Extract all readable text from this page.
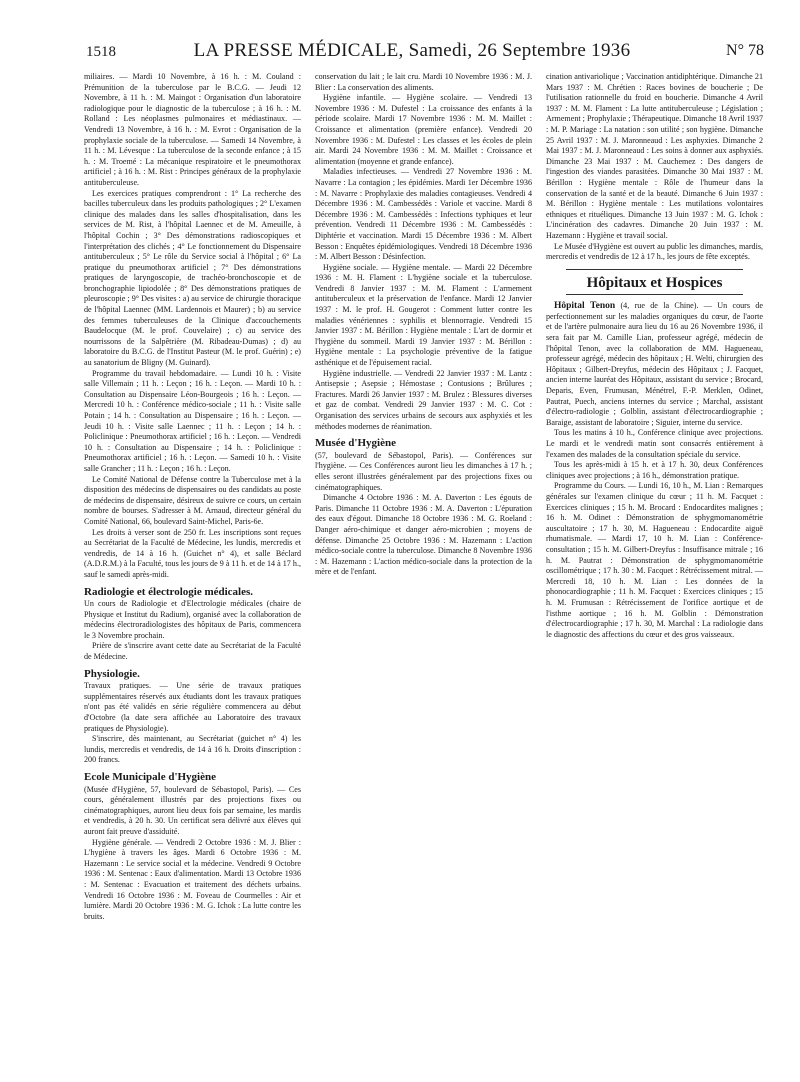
1518	LA PRESSE MÉDICALE, Samedi, 26 Septembre 1936	N° 78

miliaires. — Mardi 10 Novembre, à 16 h. : M. Couland : Prémunition de la tuberculose par le B.C.G. — Jeudi 12 Novembre, à 11 h. : M. Maingot : Organisation d'un laboratoire radiologique pour le diagnostic de la tuberculose ; à 16 h. : M. Rolland : Les néoplasmes pulmonaires et médiastinaux. — Vendredi 13 Novembre, à 16 h. : M. Evrot : Organisation de la prophylaxie sociale de la tuberculose. — Samedi 14 Novembre, à 11 h. : M. Lévesque : La tuberculose de la seconde enfance ; à 15 h. : M. Troemé : La mécanique respiratoire et le pneumothorax artificiel ; à 16 h. : M. Rist : Principes généraux de la prophylaxie antituberculeuse.

Les exercices pratiques comprendront : 1° La recherche des bacilles tuberculeux dans les produits pathologiques ; 2° L'examen clinique des malades dans les salles d'hospitalisation, dans les services de M. Rist, à l'hôpital Laennec et de M. Ameuille, à l'hôpital Cochin ; 3° Des démonstrations radioscopiques et l'interprétation des clichés ; 4° Le fonctionnement du Dispensaire antituberculeux ; 5° Le rôle du Service social à l'hôpital ; 6° La pratique du pneumothorax artificiel ; 7° Des démonstrations pratiques de laryngoscopie, de trachéo-bronchoscopie et de bronchographie lipiodolée ; 8° Des démonstrations pratiques de pleuroscopie ; 9° Des visites : a) au service de chirurgie thoracique de l'hôpital Laennec (MM. Lardennois et Maurer) ; b) au service des femmes tuberculeuses de la Clinique d'accouchements Baudelocque (M. le prof. Couvelaire) ; c) au service des nourrissons de la Salpêtrière (M. Ribadeau-Dumas) ; d) au laboratoire du B.C.G. de l'Institut Pasteur (M. le prof. Guérin) ; e) au sanatorium de Bligny (M. Guinard).

Programme du travail hebdomadaire. — Lundi 10 h. : Visite salle Villemain ; 11 h. : Leçon ; 16 h. : Leçon. — Mardi 10 h. : Consultation au Dispensaire Léon-Bourgeois ; 16 h. : Leçon. — Mercredi 10 h. : Conférence médico-sociale ; 11 h. : Visite salle Potain ; 14 h. : Consultation au Dispensaire ; 16 h. : Leçon. — Jeudi 10 h. : Visite salle Laennec ; 11 h. : Leçon ; 14 h. : Policlinique : Pneumothorax artificiel ; 16 h. : Leçon. — Vendredi 10 h. : Consultation au Dispensaire ; 14 h. : Policlinique : Pneumothorax artificiel ; 16 h. : Leçon. — Samedi 10 h. : Visite salle Grancher ; 11 h. : Leçon ; 16 h. : Leçon.

Le Comité National de Défense contre la Tuberculose met à la disposition des médecins de dispensaires ou des candidats au poste de médecins de dispensaire, désireux de suivre ce cours, un certain nombre de bourses. S'adresser à M. Arnaud, directeur général du Comité National, 66, boulevard Saint-Michel, Paris-6e.

Les droits à verser sont de 250 fr. Les inscriptions sont reçues au Secrétariat de la Faculté de Médecine, les lundis, mercredis et vendredis, de 14 à 16 h. (Guichet n° 4), et salle Béclard (A.D.R.M.) à la Faculté, tous les jours de 9 à 11 h. et de 14 à 17 h., sauf le samedi après-midi.

Radiologie et électrologie médicales.

Un cours de Radiologie et d'Electrologie médicales (chaire de Physique et Institut du Radium), organisé avec la collaboration de médecins électroradiologistes des hôpitaux de Paris, commencera le 3 Novembre prochain.

Prière de s'inscrire avant cette date au Secrétariat de la Faculté de Médecine.

Physiologie.

Travaux pratiques. — Une série de travaux pratiques supplémentaires réservés aux étudiants dont les travaux pratiques n'ont pas été validés en série régulière commencera au début d'Octobre (la date sera affichée au Laboratoire des travaux pratiques de Physiologie).

S'inscrire, dès maintenant, au Secrétariat (guichet n° 4) les lundis, mercredis et vendredis, de 14 à 16 h. Droits d'inscription : 200 francs.

Ecole Municipale d'Hygiène

(Musée d'Hygiène, 57, boulevard de Sébastopol, Paris). — Ces cours, généralement illustrés par des projections fixes ou cinématographiques, auront lieu deux fois par semaine, les mardis et vendredis, à 20 h. 30. Un certificat sera délivré aux élèves qui auront fait preuve d'assiduité.

Hygiène générale. — Vendredi 2 Octobre 1936 : M. J. Blier : L'hygiène à travers les âges. Mardi 6 Octobre 1936 : M. Hazemann : Le service social et la médecine. Vendredi 9 Octobre 1936 : M. Sentenac : Eaux d'alimentation. Mardi 13 Octobre 1936 : M. Sentenac : Evacuation et traitement des déchets urbains. Vendredi 16 Octobre 1936 : M. Foveau de Courmelles : Air et lumière. Mardi 20 Octobre 1936 : M. G. Ichok : La lutte contre les bruits.

conservation du lait ; le lait cru. Mardi 10 Novembre 1936 : M. J. Blier : La conservation des aliments.

Hygiène infantile. — Hygiène scolaire. — Vendredi 13 Novembre 1936 : M. Dufestel : La croissance des enfants à la période scolaire. Mardi 17 Novembre 1936 : M. M. Maillet : Croissance et alimentation (première enfance). Vendredi 20 Novembre 1936 : M. Dufestel : Les classes et les écoles de plein air. Mardi 24 Novembre 1936 : M. M. Maillet : Croissance et alimentation (moyenne et grande enfance).

Maladies infectieuses. — Vendredi 27 Novembre 1936 : M. Navarre : La contagion ; les épidémies. Mardi 1er Décembre 1936 : M. Navarre : Prophylaxie des maladies contagieuses. Vendredi 4 Décembre 1936 : M. Cambessédès : Variole et vaccine. Mardi 8 Décembre 1936 : M. Cambessédès : Infections typhiques et leur prévention. Vendredi 11 Décembre 1936 : M. Cambessédès : Diphtérie et vaccination. Mardi 15 Décembre 1936 : M. Albert Besson : Enquêtes épidémiologiques. Vendredi 18 Décembre 1936 : M. Albert Besson : Désinfection.

Hygiène sociale. — Hygiène mentale. — Mardi 22 Décembre 1936 : M. H. Flament : L'hygiène sociale et la tuberculose. Vendredi 8 Janvier 1937 : M. M. Flament : L'armement antituberculeux et la préservation de l'enfance. Mardi 12 Janvier 1937 : M. le prof. H. Gougerot : Comment lutter contre les maladies vénériennes : syphilis et blennorragie. Vendredi 15 Janvier 1937 : M. Bérillon : Hygiène mentale : L'art de dormir et l'hygiène du sommeil. Mardi 19 Janvier 1937 : M. Bérillon : Hygiène mentale : La psychologie préventive de la fatigue asthénique et de l'épuisement racial.

Hygiène industrielle. — Vendredi 22 Janvier 1937 : M. Lantz : Antisepsie ; Asepsie ; Hémostase ; Contusions ; Brûlures ; Fractures. Mardi 26 Janvier 1937 : M. Brulez : Blessures diverses et gaz de combat. Vendredi 29 Janvier 1937 : M. C. Cot : Organisation des services urbains de secours aux asphyxiés et les méthodes modernes de réanimation.

Musée d'Hygiène

(57, boulevard de Sébastopol, Paris). — Conférences sur l'hygiène. — Ces Conférences auront lieu les dimanches à 17 h. ; elles seront illustrées généralement par des projections fixes ou cinématographiques.

Dimanche 4 Octobre 1936 : M. A. Daverton : Les égouts de Paris. Dimanche 11 Octobre 1936 : M. A. Daverton : L'épuration des eaux d'égout. Dimanche 18 Octobre 1936 : M. G. Roeland : Danger aéro-chimique et danger aéro-microbien ; moyens de défense. Dimanche 25 Octobre 1936 : M. Hazemann : L'action médico-sociale contre la tuberculose. Dimanche 8 Novembre 1936 : M. Hazemann : L'action médico-sociale dans la protection de la mère et de l'enfant.

cination antivariolique ; Vaccination antidiphtérique. Dimanche 21 Mars 1937 : M. Chrétien : Races bovines de boucherie ; De l'utilisation rationnelle du froid en boucherie. Dimanche 4 Avril 1937 : M. M. Flament : La lutte antituberculeuse ; Législation ; Armement ; Prophylaxie ; Thérapeutique. Dimanche 18 Avril 1937 : M. P. Mariage : La natation : son utilité ; son hygiène. Dimanche 25 Avril 1937 : M. J. Maronneaud : Les asphyxies. Dimanche 2 Mai 1937 : M. J. Maronneaud : Les soins à donner aux asphyxiés. Dimanche 23 Mai 1937 : M. Cauchemez : Des dangers de l'ingestion des viandes parasitées. Dimanche 30 Mai 1937 : M. Bérillon : Hygiène mentale : Rôle de l'humeur dans la conservation de la santé et de la beauté. Dimanche 6 Juin 1937 : M. Bérillon : Hygiène mentale : Les mutilations volontaires ethniques et rituéliques. Dimanche 13 Juin 1937 : M. G. Ichok : L'incinération des cadavres. Dimanche 20 Juin 1937 : M. Hazemann : Hygiène et travail social.

Le Musée d'Hygiène est ouvert au public les dimanches, mardis, mercredis et vendredis de 12 à 17 h., les jours de fête exceptés.

Hôpitaux et Hospices

Hôpital Tenon (4, rue de la Chine). — Un cours de perfectionnement sur les maladies organiques du cœur, de l'aorte et de l'artère pulmonaire aura lieu du 16 au 26 Novembre 1936, il sera fait par M. Camille Lian, professeur agrégé, médecin de l'hôpital Tenon, avec la collaboration de MM. Hagueneau, professeur agrégé, médecin des hôpitaux ; H. Welti, chirurgien des Hôpitaux ; Gilbert-Dreyfus, médecin des Hôpitaux ; J. Facquet, ancien interne lauréat des Hôpitaux, assistant du service ; Brocard, Deparis, Even, Frumusan, Ménétrel, F.-P. Merklen, Odinet, Pautrat, Puech, anciens internes du service ; Marchal, assistant d'électro-radiologie ; Golblin, assistant d'électrocardiographie ; Baraige, assistant de laboratoire ; Siguier, interne du service.

Tous les matins à 10 h., Conférence clinique avec projections. Le mardi et le vendredi matin sont consacrés entièrement à l'examen des malades de la consultation spéciale du service.

Tous les après-midi à 15 h. et à 17 h. 30, deux Conférences cliniques avec projections ; à 16 h., démonstration pratique.

Programme du Cours. — Lundi 16, 10 h., M. Lian : Remarques générales sur l'examen clinique du cœur ; 11 h. M. Facquet : Exercices cliniques ; 15 h. M. Brocard : Endocardites malignes ; 16 h. M. Odinet : Démonstration de sphygmomanométrie auscultatoire ; 17 h. 30, M. Hagueneau : Endocardite aiguë rhumatismale. — Mardi 17, 10 h. M. Lian : Conférence-consultation ; 15 h. M. Gilbert-Dreyfus : Insuffisance mitrale ; 16 h. M. Pautrat : Démonstration de sphygmomanométrie oscillométrique ; 17 h. 30 : M. Facquet : Rétrécissement mitral. — Mercredi 18, 10 h. M. Lian : Les données de la phonocardiographie ; 11 h. M. Facquet : Exercices cliniques ; 15 h. M. Frumusan : Rétrécissement de l'orifice aortique et de l'isthme aortique ; 16 h. M. Golblin : Démonstration d'électrocardiographie ; 17 h. 30, M. Marchal : La radiologie dans le diagnostic des affections du cœur et des gros vaisseaux.
